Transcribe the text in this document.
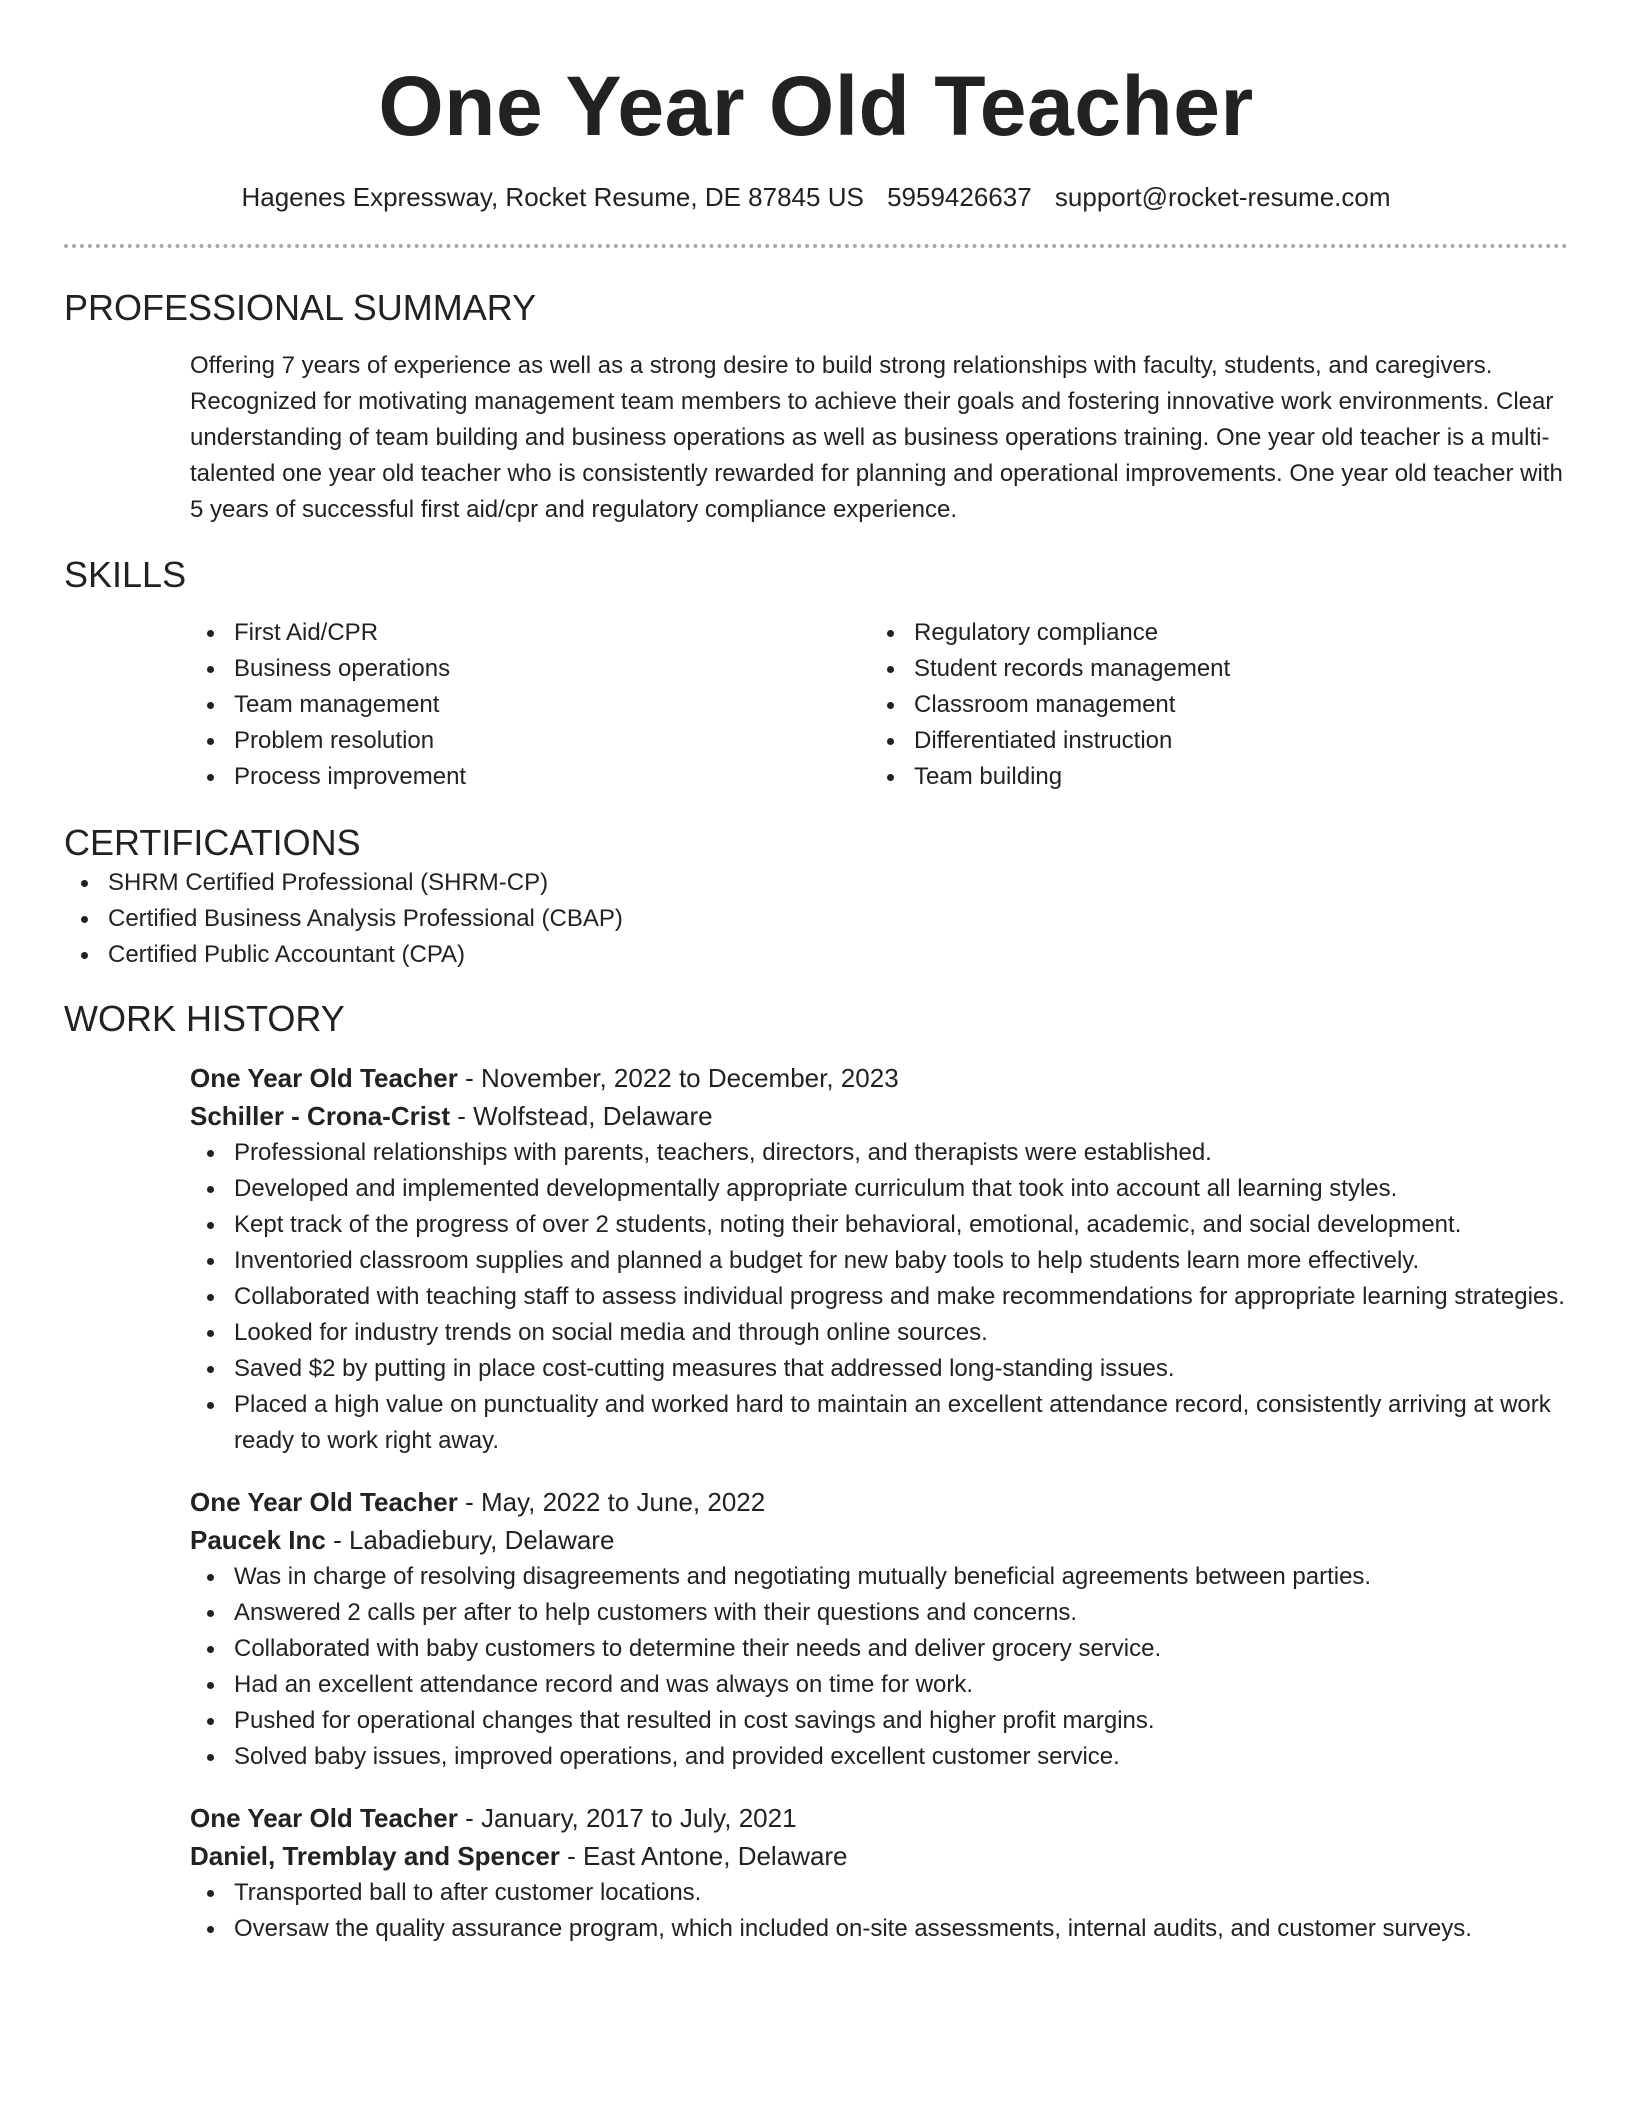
One Year Old Teacher
Hagenes Expressway, Rocket Resume, DE 87845 US 5959426637 support@rocket-resume.com
PROFESSIONAL SUMMARY

Offering 7 years of experience as well as a strong desire to build strong relationships with faculty, students, and caregivers. Recognized for motivating management team members to achieve their goals and fostering innovative work environments. Clear understanding of team building and business operations as well as business operations training. One year old teacher is a multi-talented one year old teacher who is consistently rewarded for planning and operational improvements. One year old teacher with 5 years of successful first aid/cpr and regulatory compliance experience.

SKILLS
First Aid/CPR
Business operations
Team management
Problem resolution
Process improvement
Regulatory compliance
Student records management
Classroom management
Differentiated instruction
Team building
CERTIFICATIONS
SHRM Certified Professional (SHRM-CP)
Certified Business Analysis Professional (CBAP)
Certified Public Accountant (CPA)
WORK HISTORY
One Year Old Teacher - November, 2022 to December, 2023
Schiller - Crona-Crist - Wolfstead, Delaware
Professional relationships with parents, teachers, directors, and therapists were established.
Developed and implemented developmentally appropriate curriculum that took into account all learning styles.
Kept track of the progress of over 2 students, noting their behavioral, emotional, academic, and social development.
Inventoried classroom supplies and planned a budget for new baby tools to help students learn more effectively.
Collaborated with teaching staff to assess individual progress and make recommendations for appropriate learning strategies.
Looked for industry trends on social media and through online sources.
Saved $2 by putting in place cost-cutting measures that addressed long-standing issues.
Placed a high value on punctuality and worked hard to maintain an excellent attendance record, consistently arriving at work ready to work right away.
One Year Old Teacher - May, 2022 to June, 2022
Paucek Inc - Labadiebury, Delaware
Was in charge of resolving disagreements and negotiating mutually beneficial agreements between parties.
Answered 2 calls per after to help customers with their questions and concerns.
Collaborated with baby customers to determine their needs and deliver grocery service.
Had an excellent attendance record and was always on time for work.
Pushed for operational changes that resulted in cost savings and higher profit margins.
Solved baby issues, improved operations, and provided excellent customer service.
One Year Old Teacher - January, 2017 to July, 2021
Daniel, Tremblay and Spencer - East Antone, Delaware
Transported ball to after customer locations.
Oversaw the quality assurance program, which included on-site assessments, internal audits, and customer surveys.
